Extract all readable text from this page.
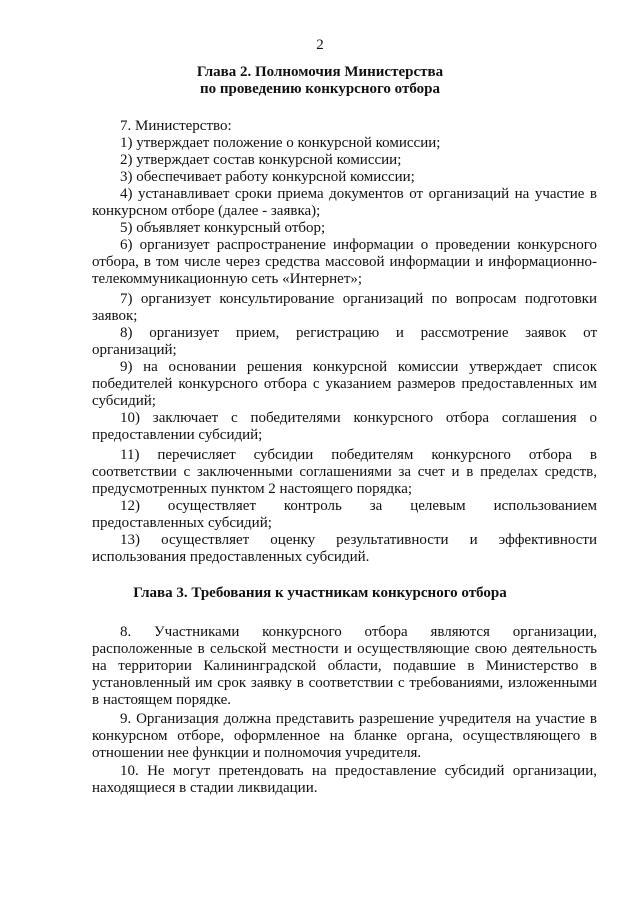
2
Глава 2. Полномочия Министерства
по проведению конкурсного отбора
7. Министерство:
1) утверждает положение о конкурсной комиссии;
2) утверждает состав конкурсной комиссии;
3) обеспечивает работу конкурсной комиссии;
4) устанавливает сроки приема документов от организаций на участие в
конкурсном отборе (далее - заявка);
5) объявляет конкурсный отбор;
6) организует распространение информации о проведении конкурсного
отбора, в том числе через средства массовой информации и информационно-
телекоммуникационную сеть «Интернет»;
7) организует консультирование организаций по вопросам подготовки
заявок;
8) организует прием, регистрацию и рассмотрение заявок от
организаций;
9) на основании решения конкурсной комиссии утверждает список
победителей конкурсного отбора с указанием размеров предоставленных им
субсидий;
10) заключает с победителями конкурсного отбора соглашения о
предоставлении субсидий;
11) перечисляет субсидии победителям конкурсного отбора в
соответствии с заключенными соглашениями за счет и в пределах средств,
предусмотренных пунктом 2 настоящего порядка;
12) осуществляет контроль за целевым использованием
предоставленных субсидий;
13) осуществляет оценку результативности и эффективности
использования предоставленных субсидий.
Глава 3. Требования к участникам конкурсного отбора
8. Участниками конкурсного отбора являются организации,
расположенные в сельской местности и осуществляющие свою деятельность
на территории Калининградской области, подавшие в Министерство в
установленный им срок заявку в соответствии с требованиями, изложенными
в настоящем порядке.
9. Организация должна представить разрешение учредителя на участие в
конкурсном отборе, оформленное на бланке органа, осуществляющего в
отношении нее функции и полномочия учредителя.
10. Не могут претендовать на предоставление субсидий организации,
находящиеся в стадии ликвидации.
